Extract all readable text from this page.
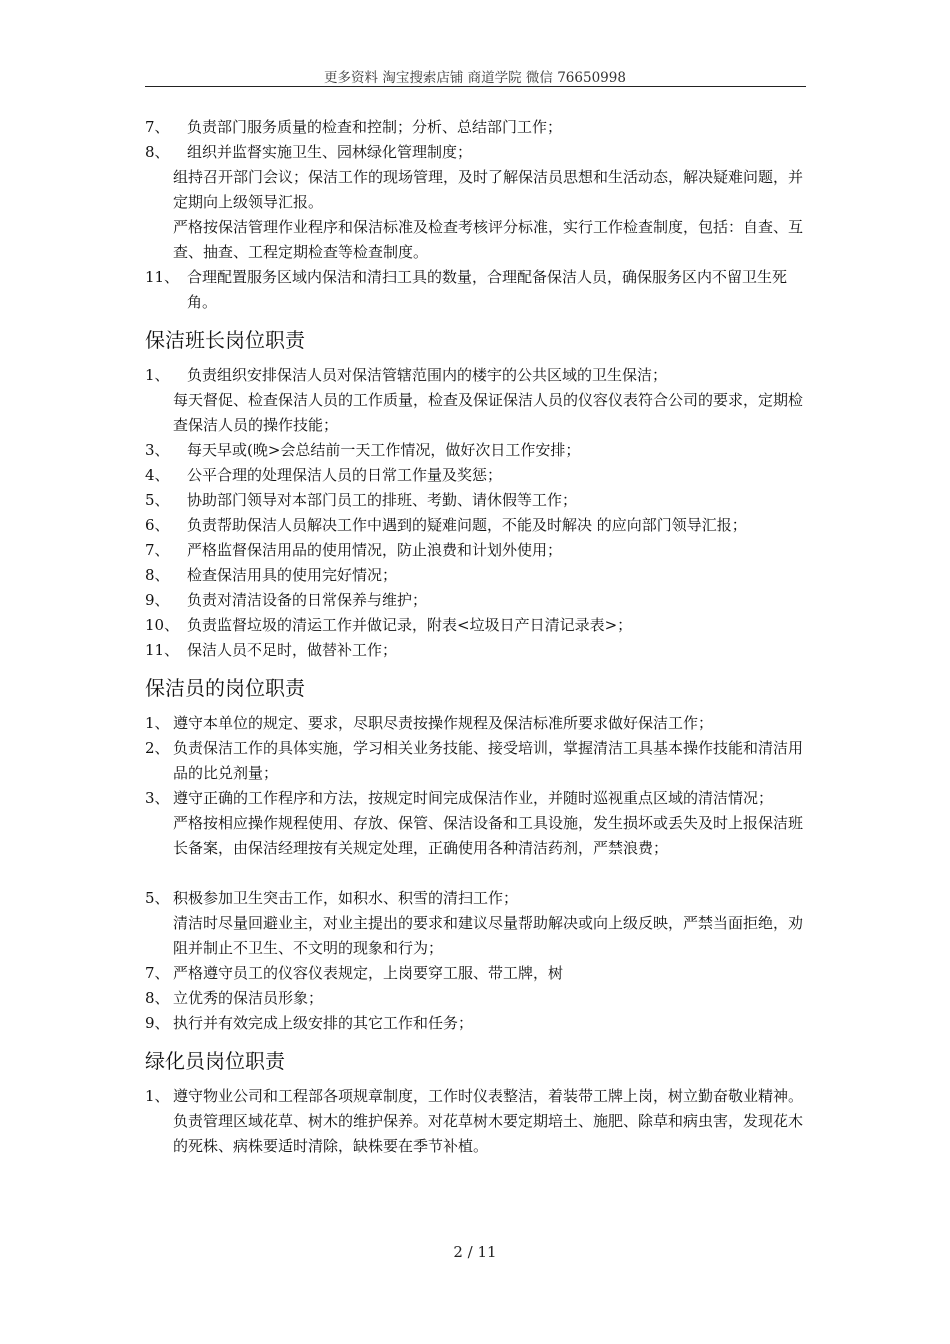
更多资料 淘宝搜索店铺 商道学院 微信 76650998
7、 负责部门服务质量的检查和控制；分析、总结部门工作；
8、 组织并监督实施卫生、园林绿化管理制度；
组持召开部门会议；保洁工作的现场管理，及时了解保洁员思想和生活动态，解决疑难问题，并定期向上级领导汇报。
严格按保洁管理作业程序和保洁标准及检查考核评分标准，实行工作检查制度，包括：自查、互查、抽查、工程定期检查等检查制度。
11、 合理配置服务区域内保洁和清扫工具的数量，合理配备保洁人员，确保服务区内不留卫生死角。
保洁班长岗位职责
1、 负责组织安排保洁人员对保洁管辖范围内的楼宇的公共区域的卫生保洁；
每天督促、检查保洁人员的工作质量，检查及保证保洁人员的仪容仪表符合公司的要求，定期检查保洁人员的操作技能；
3、 每天早或(晚>会总结前一天工作情况，做好次日工作安排；
4、 公平合理的处理保洁人员的日常工作量及奖惩；
5、 协助部门领导对本部门员工的排班、考勤、请休假等工作；
6、 负责帮助保洁人员解决工作中遇到的疑难问题，不能及时解决 的应向部门领导汇报；
7、 严格监督保洁用品的使用情况，防止浪费和计划外使用；
8、 检查保洁用具的使用完好情况；
9、 负责对清洁设备的日常保养与维护；
10、 负责监督垃圾的清运工作并做记录，附表<垃圾日产日清记录表>；
11、 保洁人员不足时，做替补工作；
保洁员的岗位职责
1、 遵守本单位的规定、要求，尽职尽责按操作规程及保洁标准所要求做好保洁工作；
2、 负责保洁工作的具体实施，学习相关业务技能、接受培训，掌握清洁工具基本操作技能和清洁用品的比兑剂量；
3、 遵守正确的工作程序和方法，按规定时间完成保洁作业，并随时巡视重点区域的清洁情况；
严格按相应操作规程使用、存放、保管、保洁设备和工具设施，发生损坏或丢失及时上报保洁班长备案，由保洁经理按有关规定处理，正确使用各种清洁药剂，严禁浪费；
5、 积极参加卫生突击工作，如积水、积雪的清扫工作；
清洁时尽量回避业主，对业主提出的要求和建议尽量帮助解决或向上级反映，严禁当面拒绝，劝阻并制止不卫生、不文明的现象和行为；
7、 严格遵守员工的仪容仪表规定，上岗要穿工服、带工牌，树
8、 立优秀的保洁员形象；
9、 执行并有效完成上级安排的其它工作和任务；
绿化员岗位职责
1、 遵守物业公司和工程部各项规章制度，工作时仪表整洁，着装带工牌上岗，树立勤奋敬业精神。
负责管理区域花草、树木的维护保养。对花草树木要定期培土、施肥、除草和病虫害，发现花木的死株、病株要适时清除，缺株要在季节补植。
2 / 11
